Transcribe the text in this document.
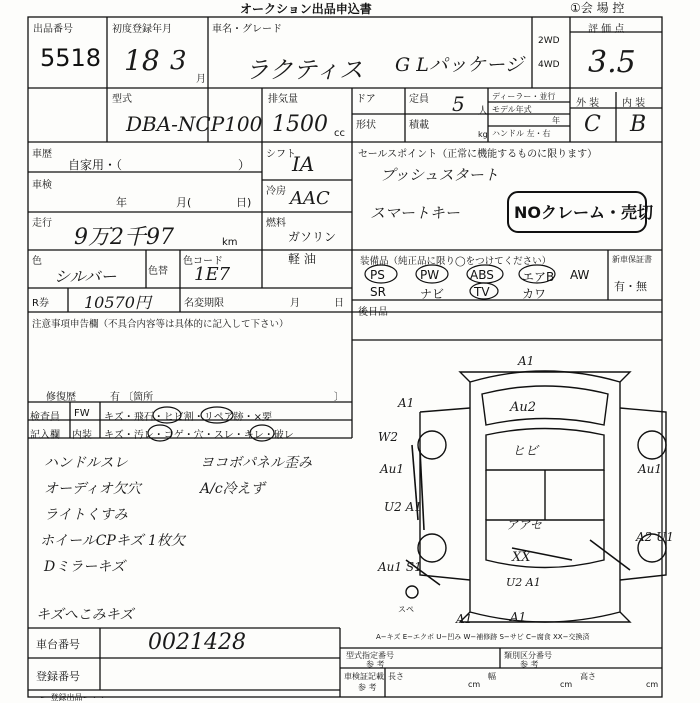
オークション出品申込書	①会 場 控
出品番号
5518
初度登録年月
18 3
月
車名・グレード
ラクティス G Lパッケージ
2WD
4WD
評 価 点
3.5
型式
DBA-NCP100
排気量
1500 cc
ドア
形状
定員 5 人
積載
kg
ディーラー・並行
モデル年式
年
ハンドル 左・右
外 装 内 装
C B
車歴
自家用・（	）
車検
年	月(	日)
走行
9万2千97	km
色
シルバー	色替
色コード
1E7
シフト
IA
冷房 AAC
燃料
ガソリン
軽 油
R券 10570円	名変期限	月	日
注意事項申告欄（不具合内容等は具体的に記入して下さい）
修復歴	有 〔箇所	〕
セールスポイント（正常に機能するものに限ります）
プッシュスタート
スマートキー	NOクレーム・売切
装備品（純正品に限り◯をつけてください）	新車保証書
有・無
PS	PW	ABS エアB AW
SR	ナビ TV	カワ
後日品
検査員
記入欄
FW キズ・飛石・ヒビ割・リペア跡・×要
内装 キズ・汚レ・コゲ・穴・スレ・キレ・破レ
ハンドルスレ
オーディオ欠穴
ライトくすみ
ホイールCPキズ 1枚欠
Dミラーキズ
キズへこみキズ
ヨコボパネル歪み
A/c冷えず
A1
A1	Au2
ヒビ
W2
Au1	Au1
U2 A1
A2 U1
Au1 S1
アアセ
XX
U2 A1
A1	A1
スペ
車台番号	0021428
登録番号
A−キズ E−エクボ U−凹み W−補修跡 S−サビ C−腐食 XX−交換済
型式指定番号
参 考
類別区分番号
参 考
車検証記載
参 考
長さ
cm
幅
cm
高さ
cm
ー 登録出品ー・・
